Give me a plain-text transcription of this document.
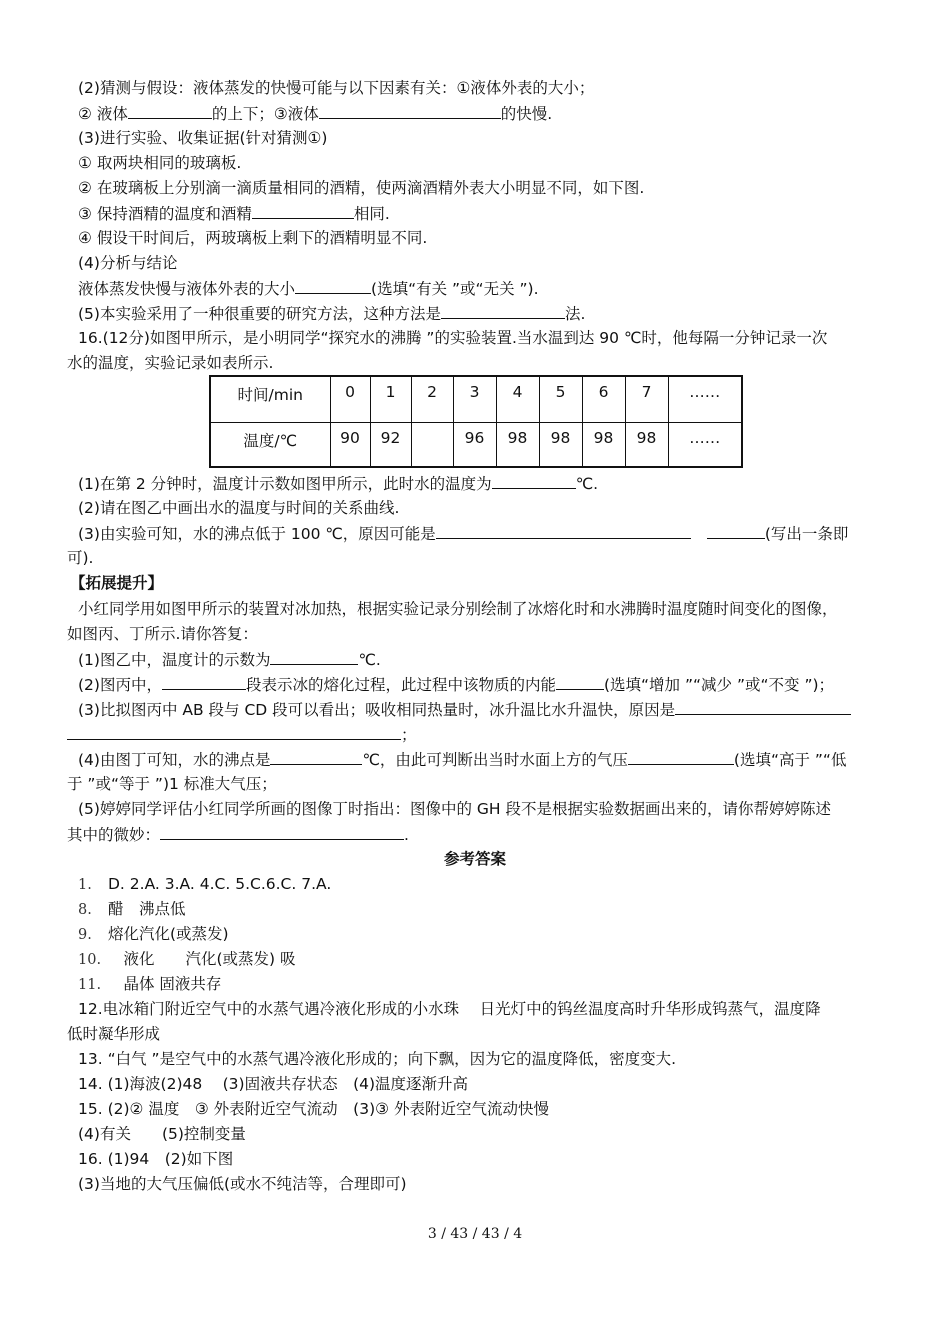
(2)猜测与假设：液体蒸发的快慢可能与以下因素有关：①液体外表的大小；
② 液体	的上下；③液体	的快慢.
(3)进行实验、收集证据(针对猜测①)
① 取两块相同的玻璃板.
② 在玻璃板上分别滴一滴质量相同的酒精，使两滴酒精外表大小明显不同，如下图.
③ 保持酒精的温度和酒精	相同.
④ 假设干时间后，两玻璃板上剩下的酒精明显不同.
(4)分析与结论
液体蒸发快慢与液体外表的大小	(选填“有关 ”或“无关 ”).
(5)本实验采用了一种很重要的研究方法，这种方法是	法.
16.(12分)如图甲所示，是小明同学“探究水的沸腾 ”的实验装置.当水温到达 90 ℃时，他每隔一分钟记录一次
水的温度，实验记录如表所示.
时间/min	0	1	2	3	4	5	6	7	……
温度/℃	90	92		96	98	98	98	98	……
(1)在第 2 分钟时，温度计示数如图甲所示，此时水的温度为	℃.
(2)请在图乙中画出水的温度与时间的关系曲线.
(3)由实验可知，水的沸点低于 100 ℃，原因可能是	(写出一条即
可).
【拓展提升】
小红同学用如图甲所示的装置对冰加热，根据实验记录分别绘制了冰熔化时和水沸腾时温度随时间变化的图像，
如图丙、丁所示.请你答复：
(1)图乙中，温度计的示数为	℃.
(2)图丙中，	段表示冰的熔化过程，此过程中该物质的内能	(选填“增加 ”“减少 ”或“不变 ”)；
(3)比拟图丙中 AB 段与 CD 段可以看出；吸收相同热量时，冰升温比水升温快，原因是
；
(4)由图丁可知，水的沸点是	℃，由此可判断出当时水面上方的气压	(选填“高于 ”“低
于 ”或“等于 ”)1 标准大气压；
(5)婷婷同学评估小红同学所画的图像丁时指出：图像中的 GH 段不是根据实验数据画出来的，请你帮婷婷陈述
其中的微妙：	.
参考答案
1. D. 2.A. 3.A. 4.C. 5.C.6.C. 7.A.
8. 醋　沸点低
9. 熔化汽化(或蒸发)
10.　液化　　汽化(或蒸发) 吸
11.　晶体 固液共存
12.电冰箱门附近空气中的水蒸气遇冷液化形成的小水珠　 日光灯中的钨丝温度高时升华形成钨蒸气，温度降
低时凝华形成
13. “白气 ”是空气中的水蒸气遇冷液化形成的；向下飘，因为它的温度降低，密度变大.
14. (1)海波(2)48　 (3)固液共存状态　(4)温度逐渐升高
15. (2)② 温度　③ 外表附近空气流动　(3)③ 外表附近空气流动快慢
(4)有关　　(5)控制变量
16. (1)94　(2)如下图
(3)当地的大气压偏低(或水不纯洁等，合理即可)
3 / 43 / 43 / 4
